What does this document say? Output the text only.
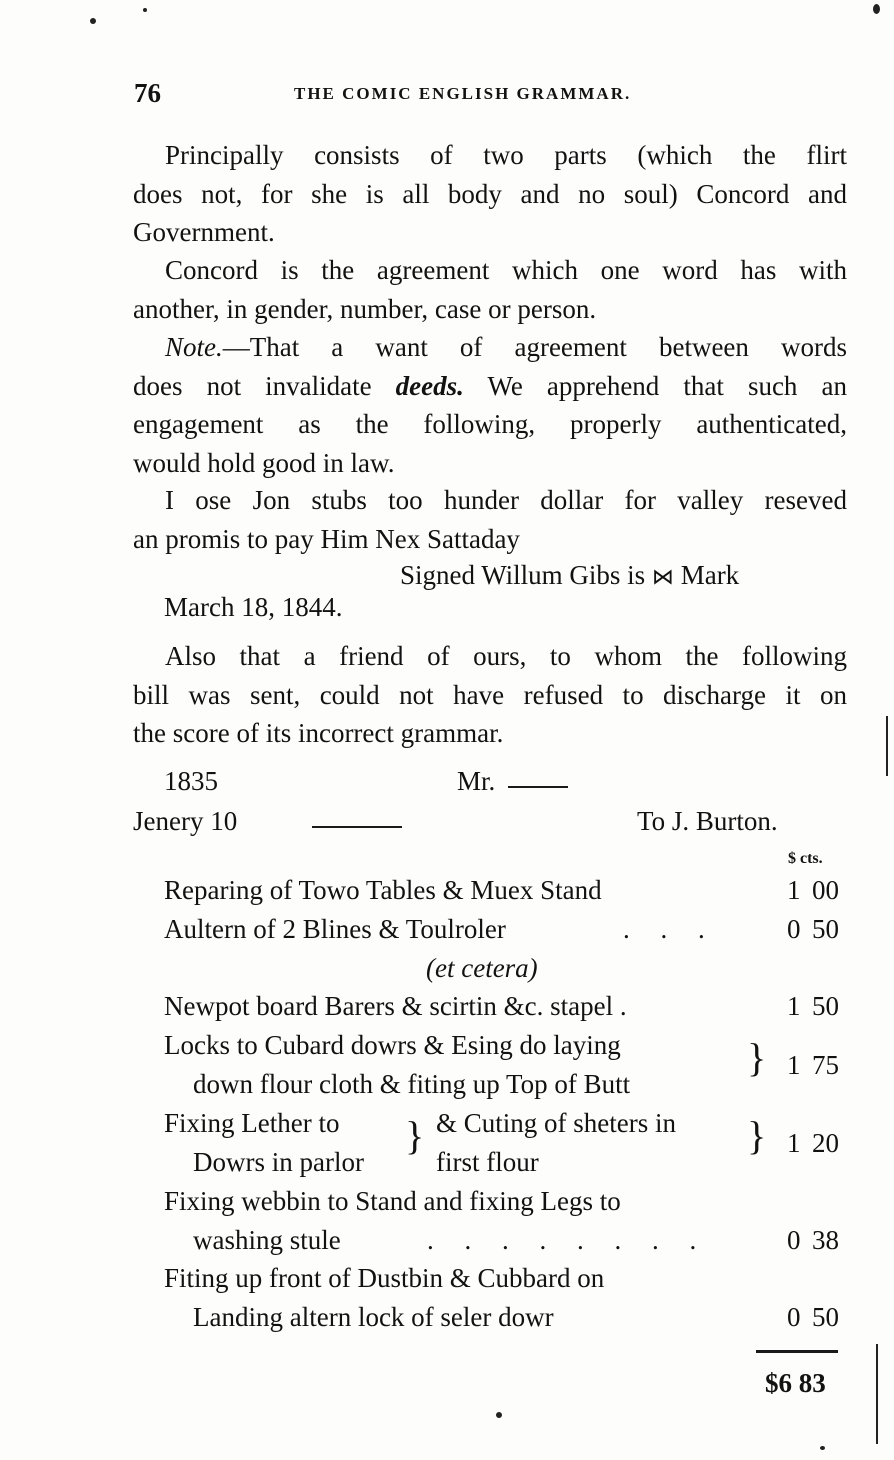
76	THE COMIC ENGLISH GRAMMAR.
Principally consists of two parts (which the flirt
does not, for she is all body and no soul) Concord and
Government.
Concord is the agreement which one word has with
another, in gender, number, case or person.
Note.—That a want of agreement between words
does not invalidate deeds. We apprehend that such an
engagement as the following, properly authenticated,
would hold good in law.
I ose Jon stubs too hunder dollar for valley reseved
an promis to pay Him Nex Sattaday
Signed Willum Gibs is ⋈ Mark
March 18, 1844.
Also that a friend of ours, to whom the following
bill was sent, could not have refused to discharge it on
the score of its incorrect grammar.
1835	Mr.
Jenery 10	To J. Burton.
$ cts.
Reparing of Towo Tables & Muex Stand	1 00
Aultern of 2 Blines & Toulroler	. . .	0 50
(et cetera)
Newpot board Barers & scirtin &c. stapel .	1 50
Locks to Cubard dowrs & Esing do laying
down flour cloth & fiting up Top of Butt
} 1 75
Fixing Lether to } & Cuting of sheters in
Dowrs in parlor	first flour
} 1 20
Fixing webbin to Stand and fixing Legs to
washing stule	. . . . . . . .	0 38
Fiting up front of Dustbin & Cubbard on
Landing altern lock of seler dowr	0 50
$6 83
